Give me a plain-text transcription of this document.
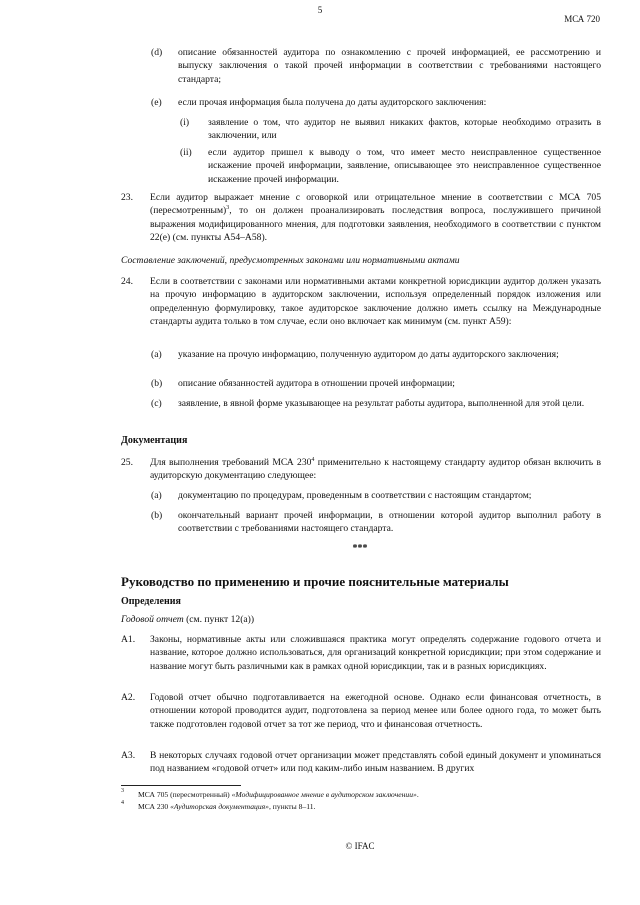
5
МСА 720
(d) описание обязанностей аудитора по ознакомлению с прочей информацией, ее рассмотрению и выпуску заключения о такой прочей информации в соответствии с требованиями настоящего стандарта;

(e) если прочая информация была получена до даты аудиторского заключения:

(i) заявление о том, что аудитор не выявил никаких фактов, которые необходимо отразить в заключении, или

(ii) если аудитор пришел к выводу о том, что имеет место неисправленное существенное искажение прочей информации, заявление, описывающее это неисправленное существенное искажение прочей информации.

23. Если аудитор выражает мнение с оговоркой или отрицательное мнение в соответствии с МСА 705 (пересмотренным)$^3$, то он должен проанализировать последствия вопроса, послужившего причиной выражения модифицированного мнения, для подготовки заявления, необходимого в соответствии с пунктом 22(e) (см. пункты A54–A58).

Составление заключений, предусмотренных законами или нормативными актами
24. Если в соответствии с законами или нормативными актами конкретной юрисдикции аудитор должен указать на прочую информацию в аудиторском заключении, используя определенный порядок изложения или определенную формулировку, такое аудиторское заключение должно иметь ссылку на Международные стандарты аудита только в том случае, если оно включает как минимум (см. пункт A59):

(a) указание на прочую информацию, полученную аудитором до даты аудиторского заключения;

(b) описание обязанностей аудитора в отношении прочей информации;

(c) заявление, в явной форме указывающее на результат работы аудитора, выполненной для этой цели.

Документация
25. Для выполнения требований МСА $230^4$ применительно к настоящему стандарту аудитор обязан включить в аудиторскую документацию следующее:

(a) документацию по процедурам, проведенным в соответствии с настоящим стандартом;

(b) окончательный вариант прочей информации, в отношении которой аудитор выполнил работу в соответствии с требованиями настоящего стандарта.

***
Руководство по применению и прочие пояснительные материалы
Определения
Годовой отчет (см. пункт 12(a))
A1. Законы, нормативные акты или сложившаяся практика могут определять содержание годового отчета и название, которое должно использоваться, для организаций конкретной юрисдикции; при этом содержание и название могут быть различными как в рамках одной юрисдикции, так и в разных юрисдикциях.

A2. Годовой отчет обычно подготавливается на ежегодной основе. Однако если финансовая отчетность, в отношении которой проводится аудит, подготовлена за период менее или более одного года, то может быть также подготовлен годовой отчет за тот же период, что и финансовая отчетность.

A3. В некоторых случаях годовой отчет организации может представлять собой единый документ и упоминаться под названием «годовой отчет» или под каким-либо иным названием. В других

3 МСА 705 (пересмотренный) «Модифицированное мнение в аудиторском заключении».
4 МСА 230 «Аудиторская документация», пункты 8–11.
© IFAC
